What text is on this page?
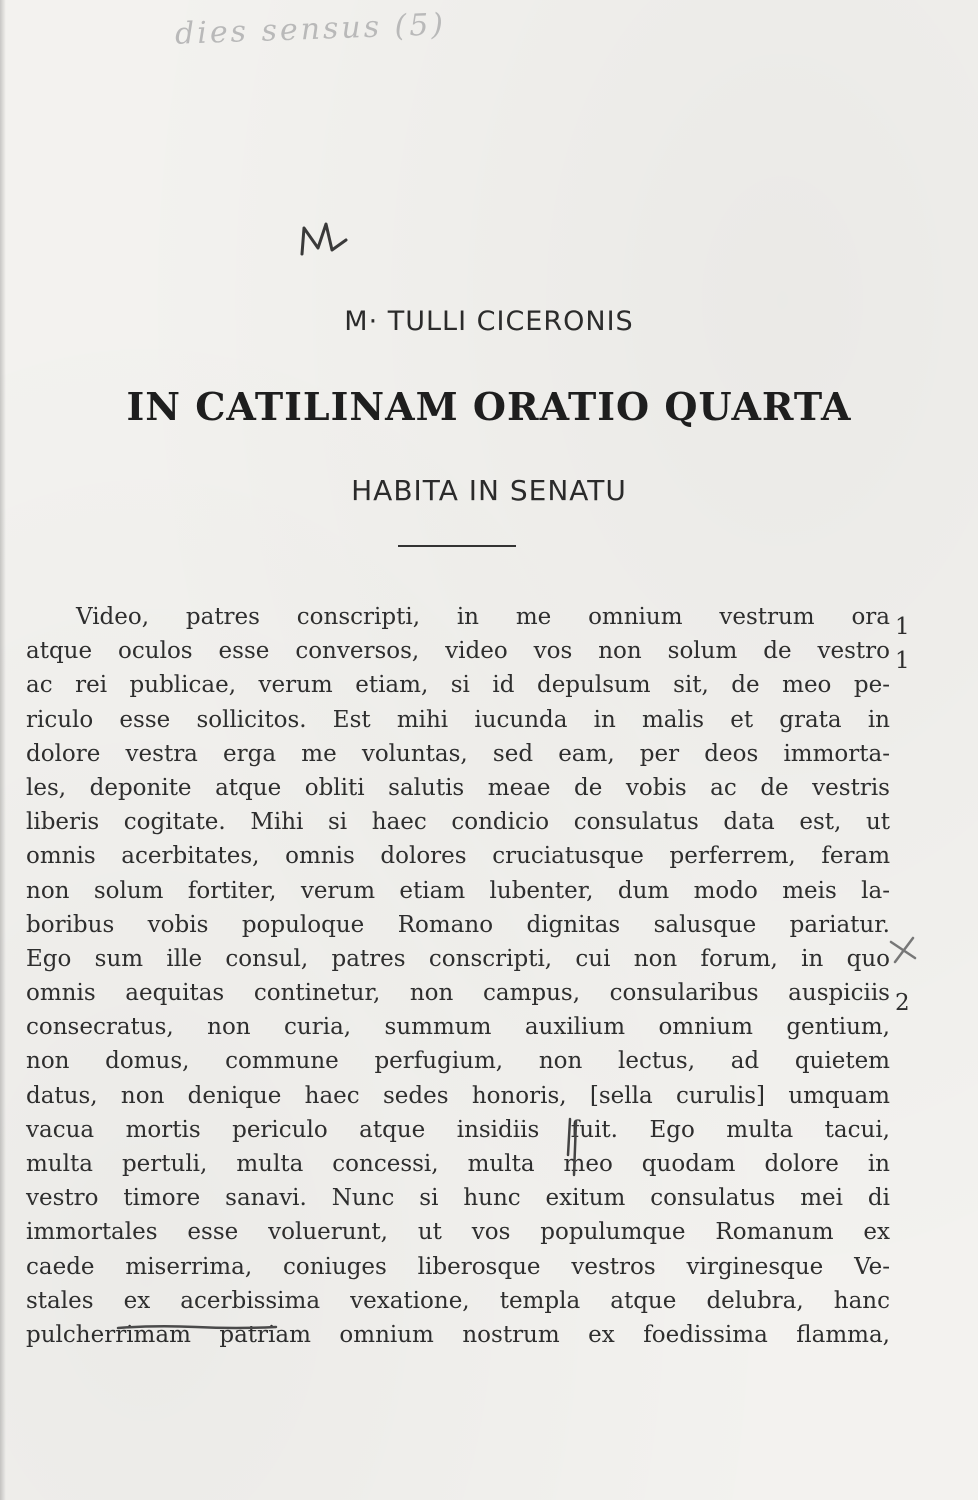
dies sensus (5)
M· TULLI CICERONIS
IN CATILINAM ORATIO QUARTA
HABITA IN SENATU
Video, patres conscripti, in me omnium vestrum ora
atque oculos esse conversos, video vos non solum de vestro
ac rei publicae, verum etiam, si id depulsum sit, de meo pe-
riculo esse sollicitos. Est mihi iucunda in malis et grata in
dolore vestra erga me voluntas, sed eam, per deos immorta-
les, deponite atque obliti salutis meae de vobis ac de vestris
liberis cogitate. Mihi si haec condicio consulatus data est, ut
omnis acerbitates, omnis dolores cruciatusque perferrem, feram
non solum fortiter, verum etiam lubenter, dum modo meis la-
boribus vobis populoque Romano dignitas salusque pariatur.
Ego sum ille consul, patres conscripti, cui non forum, in quo
omnis aequitas continetur, non campus, consularibus auspiciis
consecratus, non curia, summum auxilium omnium gentium,
non domus, commune perfugium, non lectus, ad quietem
datus, non denique haec sedes honoris, [sella curulis] umquam
vacua mortis periculo atque insidiis fuit. Ego multa tacui,
multa pertuli, multa concessi, multa meo quodam dolore in
vestro timore sanavi. Nunc si hunc exitum consulatus mei di
immortales esse voluerunt, ut vos populumque Romanum ex
caede miserrima, coniuges liberosque vestros virginesque Ve-
stales ex acerbissima vexatione, templa atque delubra, hanc
pulcherrimam patriam omnium nostrum ex foedissima flamma,
1
1
2
